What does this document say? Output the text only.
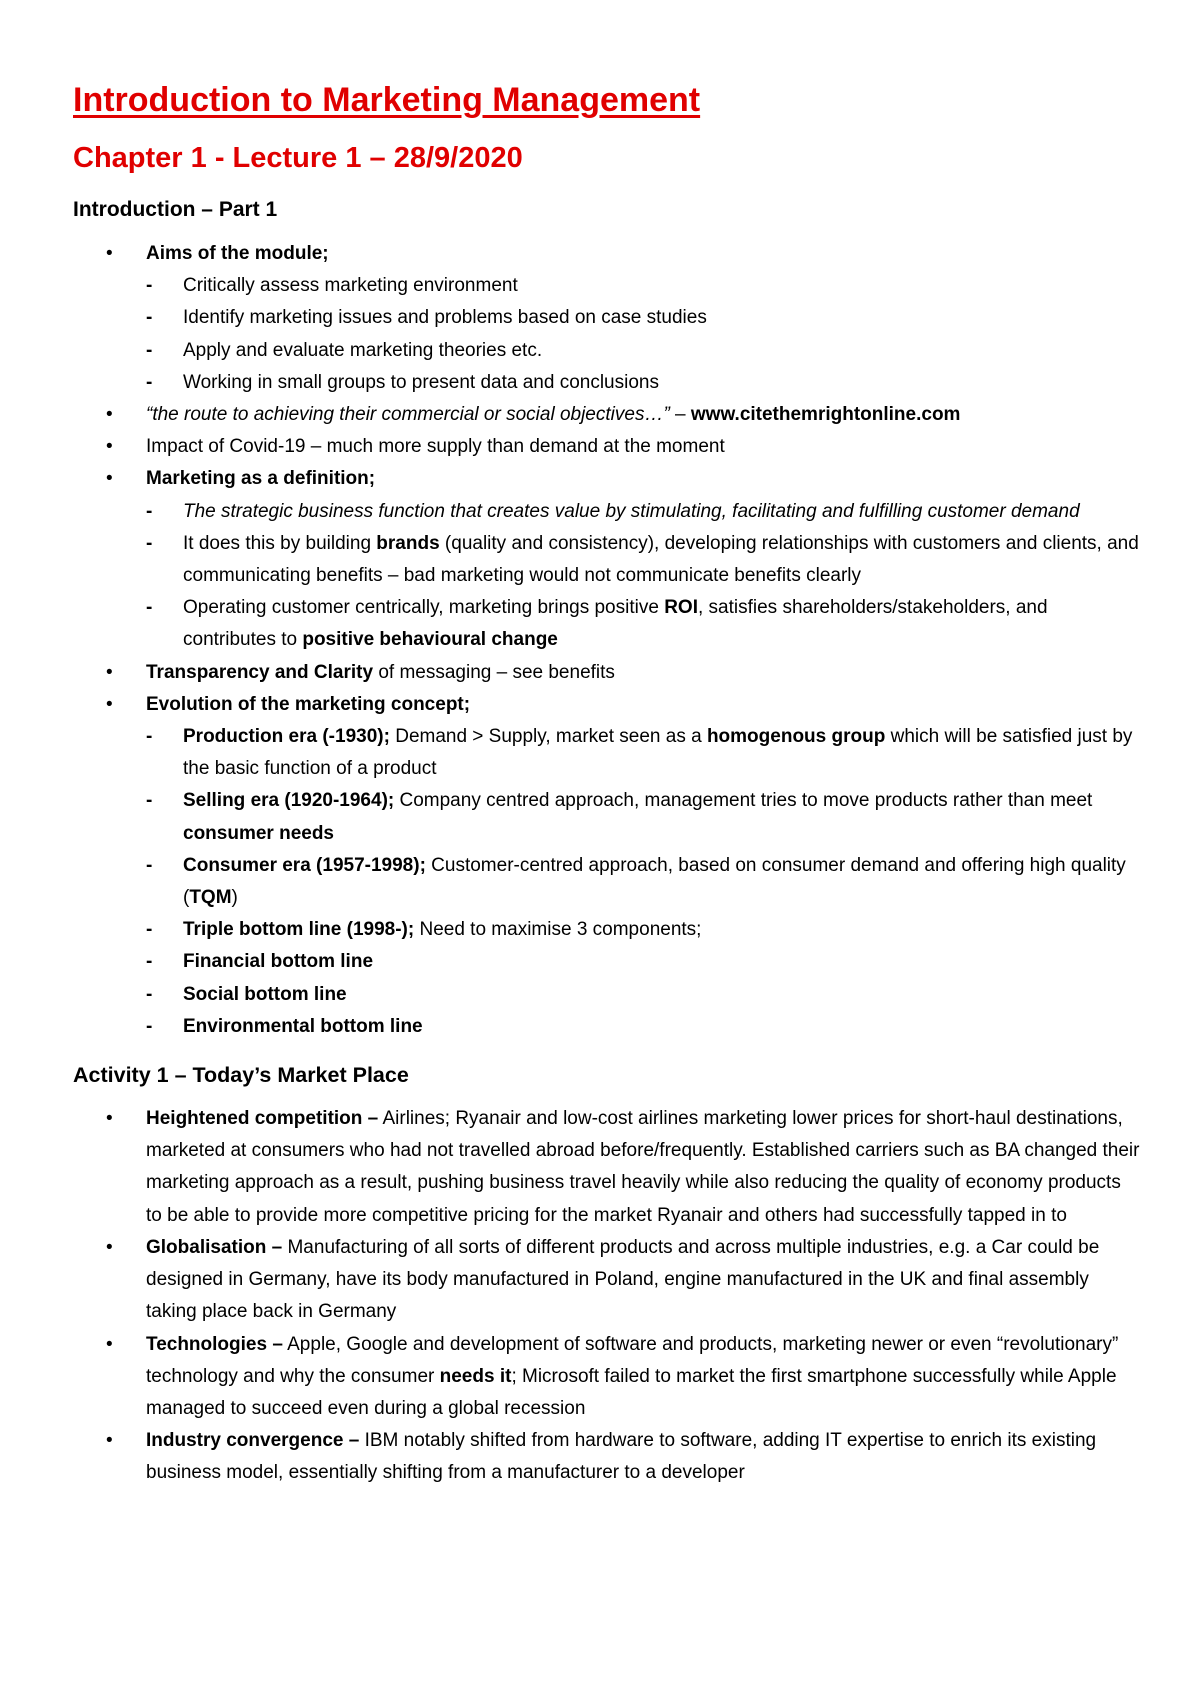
Introduction to Marketing Management
Chapter 1 - Lecture 1 – 28/9/2020
Introduction – Part 1
• Aims of the module;
- Critically assess marketing environment
- Identify marketing issues and problems based on case studies
- Apply and evaluate marketing theories etc.
- Working in small groups to present data and conclusions
• “the route to achieving their commercial or social objectives…” – www.citethemrightonline.com
• Impact of Covid-19 – much more supply than demand at the moment
• Marketing as a definition;
- The strategic business function that creates value by stimulating, facilitating and fulfilling customer demand
- It does this by building brands (quality and consistency), developing relationships with customers and clients, and communicating benefits – bad marketing would not communicate benefits clearly
- Operating customer centrically, marketing brings positive ROI, satisfies shareholders/stakeholders, and contributes to positive behavioural change
• Transparency and Clarity of messaging – see benefits
• Evolution of the marketing concept;
- Production era (-1930); Demand > Supply, market seen as a homogenous group which will be satisfied just by the basic function of a product
- Selling era (1920-1964); Company centred approach, management tries to move products rather than meet consumer needs
- Consumer era (1957-1998); Customer-centred approach, based on consumer demand and offering high quality (TQM)
- Triple bottom line (1998-); Need to maximise 3 components;
- Financial bottom line
- Social bottom line
- Environmental bottom line
Activity 1 – Today’s Market Place
• Heightened competition – Airlines; Ryanair and low-cost airlines marketing lower prices for short-haul destinations, marketed at consumers who had not travelled abroad before/frequently. Established carriers such as BA changed their marketing approach as a result, pushing business travel heavily while also reducing the quality of economy products to be able to provide more competitive pricing for the market Ryanair and others had successfully tapped in to
• Globalisation – Manufacturing of all sorts of different products and across multiple industries, e.g. a Car could be designed in Germany, have its body manufactured in Poland, engine manufactured in the UK and final assembly taking place back in Germany
• Technologies – Apple, Google and development of software and products, marketing newer or even “revolutionary” technology and why the consumer needs it; Microsoft failed to market the first smartphone successfully while Apple managed to succeed even during a global recession
• Industry convergence – IBM notably shifted from hardware to software, adding IT expertise to enrich its existing business model, essentially shifting from a manufacturer to a developer
